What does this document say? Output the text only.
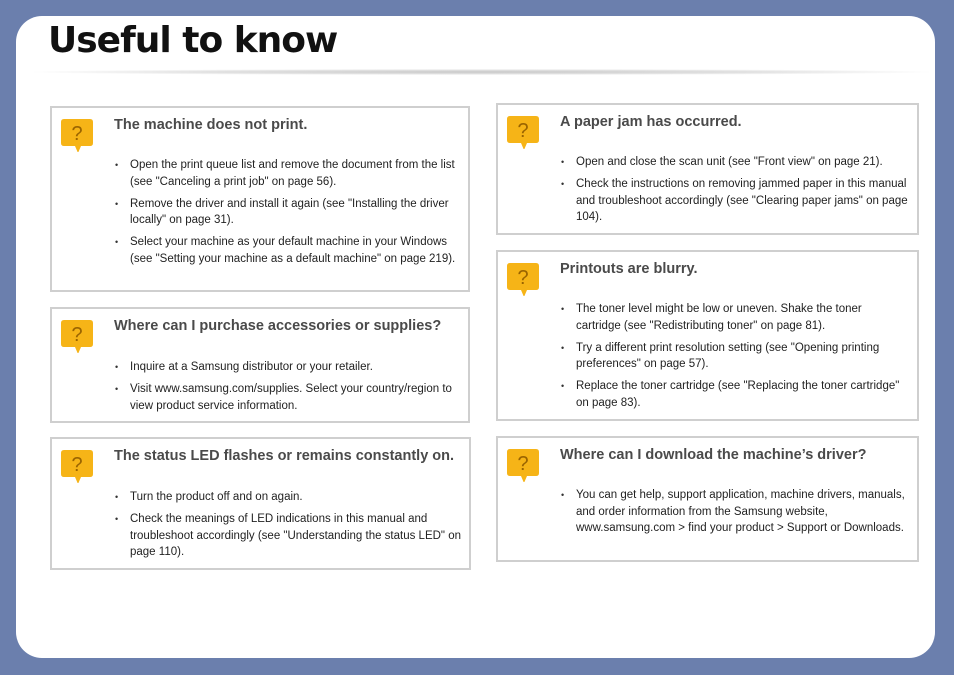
Useful to know
? The machine does not print.

• Open the print queue list and remove the document from the list (see "Canceling a print job" on page 56).
• Remove the driver and install it again (see "Installing the driver locally" on page 31).
• Select your machine as your default machine in your Windows (see "Setting your machine as a default machine" on page 219).
? Where can I purchase accessories or supplies?

• Inquire at a Samsung distributor or your retailer.
• Visit www.samsung.com/supplies. Select your country/region to view product service information.
? The status LED flashes or remains constantly on.

• Turn the product off and on again.
• Check the meanings of LED indications in this manual and troubleshoot accordingly (see "Understanding the status LED" on page 110).
? A paper jam has occurred.

• Open and close the scan unit (see "Front view" on page 21).
• Check the instructions on removing jammed paper in this manual and troubleshoot accordingly (see "Clearing paper jams" on page 104).
? Printouts are blurry.

• The toner level might be low or uneven. Shake the toner cartridge (see "Redistributing toner" on page 81).
• Try a different print resolution setting (see "Opening printing preferences" on page 57).
• Replace the toner cartridge (see "Replacing the toner cartridge" on page 83).
? Where can I download the machine’s driver?

• You can get help, support application, machine drivers, manuals, and order information from the Samsung website, www.samsung.com > find your product > Support or Downloads.
